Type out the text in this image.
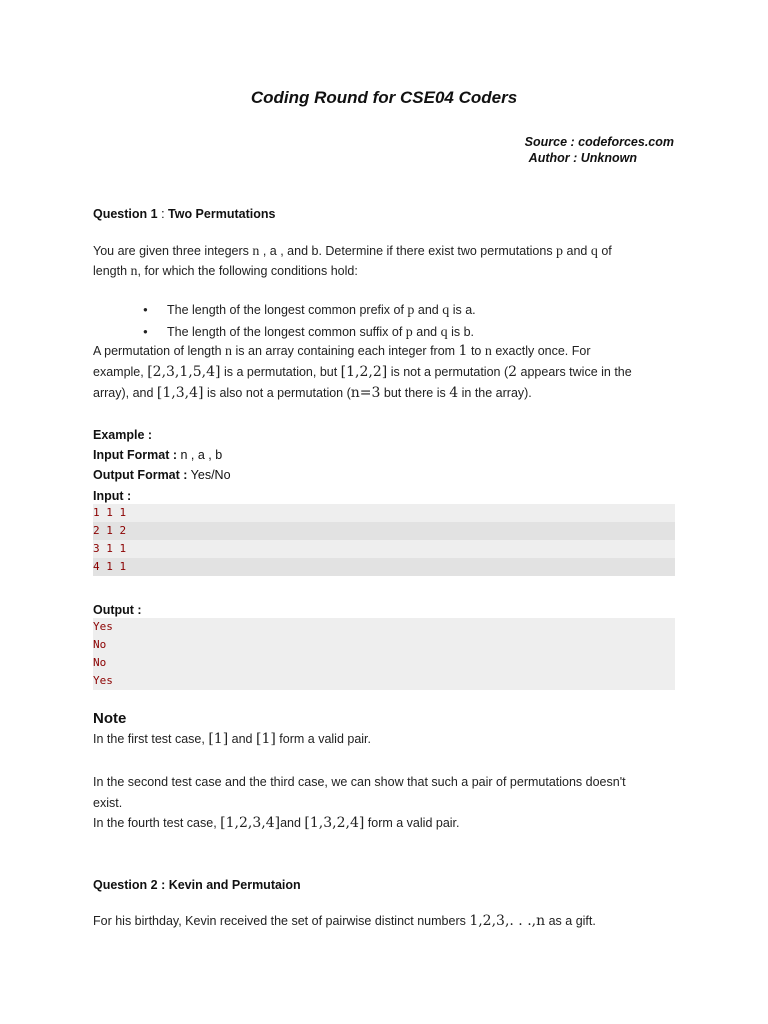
Coding Round for CSE04 Coders
Source : codeforces.com
Author : Unknown
Question 1 : Two Permutations
You are given three integers n , a , and b. Determine if there exist two permutations p and q of
length n, for which the following conditions hold:
● The length of the longest common prefix of p and q is a.
● The length of the longest common suffix of p and q is b.
A permutation of length n is an array containing each integer from 1 to n exactly once. For
example, [2,3,1,5,4] is a permutation, but [1,2,2] is not a permutation (2 appears twice in the
array), and [1,3,4] is also not a permutation (n=3 but there is 4 in the array).
Example :
Input Format : n , a , b
Output Format : Yes/No
Input :
1 1 1
2 1 2
3 1 1
4 1 1
Output :
Yes
No
No
Yes
Note
In the first test case, [1] and [1] form a valid pair.
In the second test case and the third case, we can show that such a pair of permutations doesn't
exist.
In the fourth test case, [1,2,3,4]and [1,3,2,4] form a valid pair.
Question 2 : Kevin and Permutaion
For his birthday, Kevin received the set of pairwise distinct numbers 1,2,3,. . .,n as a gift.
